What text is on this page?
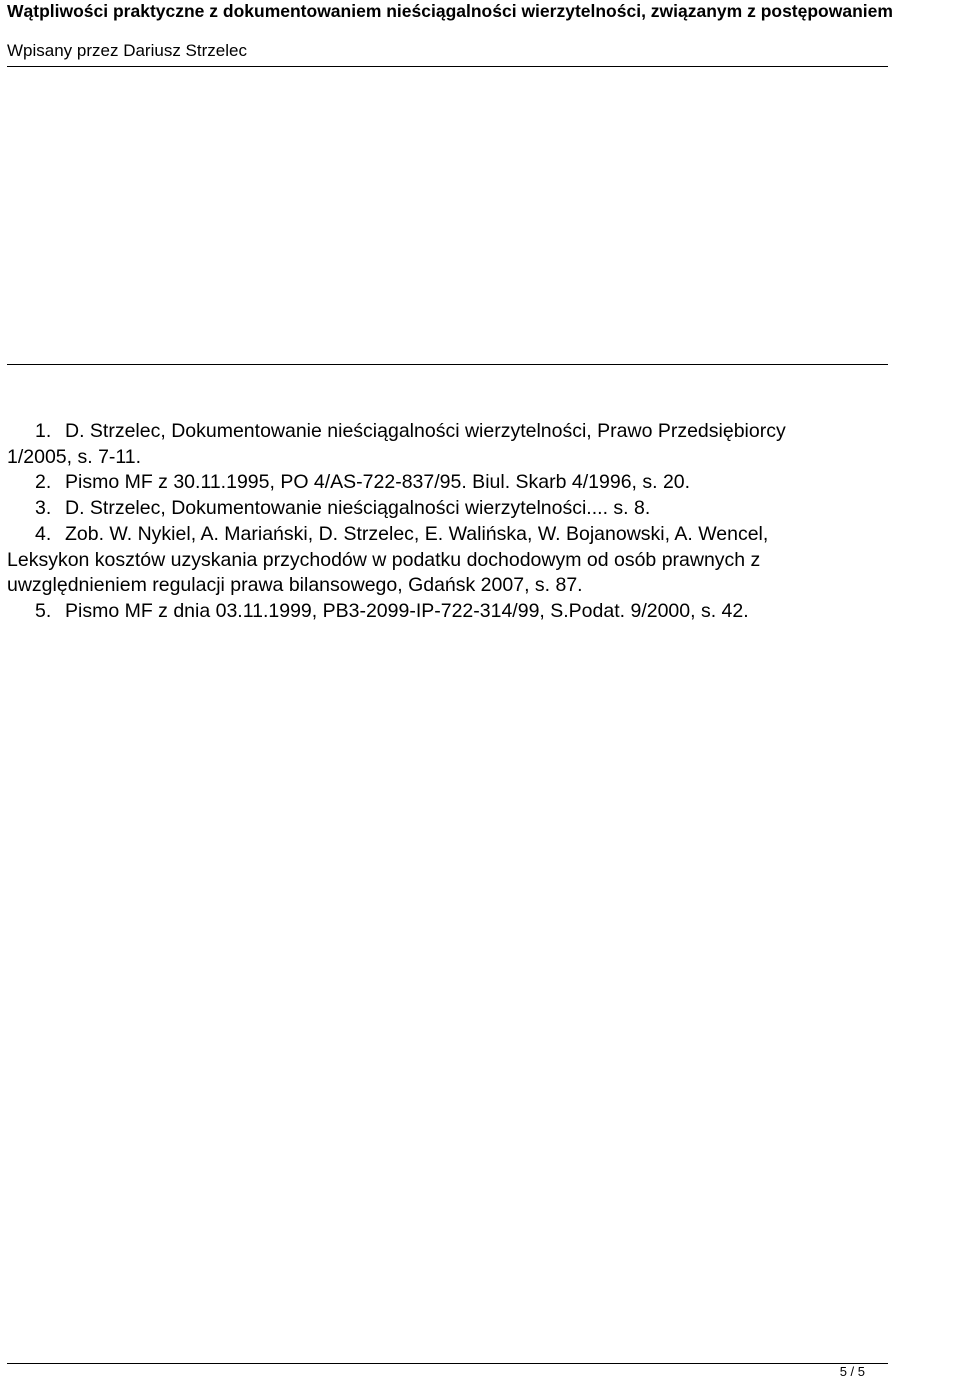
Wątpliwości praktyczne z dokumentowaniem nieściągalności wierzytelności, związanym z postępowaniem
Wpisany przez Dariusz Strzelec
1. D. Strzelec, Dokumentowanie nieściągalności wierzytelności, Prawo Przedsiębiorcy
1/2005, s. 7-11.
2. Pismo MF z 30.11.1995, PO 4/AS-722-837/95. Biul. Skarb 4/1996, s. 20.
3. D. Strzelec, Dokumentowanie nieściągalności wierzytelności.... s. 8.
4. Zob. W. Nykiel, A. Mariański, D. Strzelec, E. Walińska, W. Bojanowski, A. Wencel,
Leksykon kosztów uzyskania przychodów w podatku dochodowym od osób prawnych z
uwzględnieniem regulacji prawa bilansowego, Gdańsk 2007, s. 87.
5. Pismo MF z dnia 03.11.1999, PB3-2099-IP-722-314/99, S.Podat. 9/2000, s. 42.
5 / 5
